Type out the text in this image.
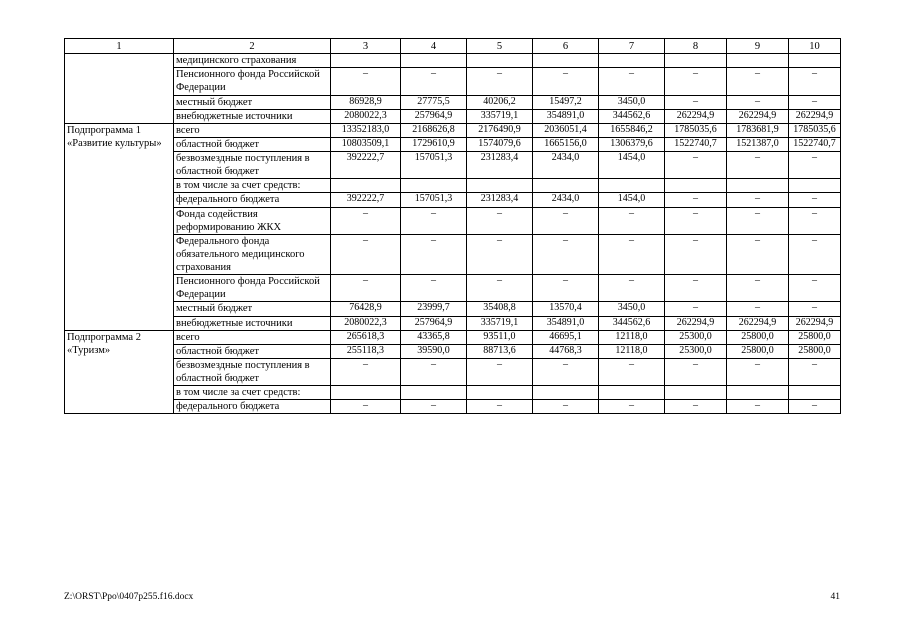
1	2	3	4	5	6	7	8	9	10
	медицинского страхования								
	Пенсионного фонда Российской Федерации	–	–	–	–	–	–	–	–
	местный бюджет	86928,9	27775,5	40206,2	15497,2	3450,0	–	–	–
	внебюджетные источники	2080022,3	257964,9	335719,1	354891,0	344562,6	262294,9	262294,9	262294,9
Подпрограмма 1 «Развитие культуры»	всего	13352183,0	2168626,8	2176490,9	2036051,4	1655846,2	1785035,6	1783681,9	1785035,6
	областной бюджет	10803509,1	1729610,9	1574079,6	1665156,0	1306379,6	1522740,7	1521387,0	1522740,7
	безвозмездные поступления в областной бюджет	392222,7	157051,3	231283,4	2434,0	1454,0	–	–	–
	в том числе за счет средств:								
	федерального бюджета	392222,7	157051,3	231283,4	2434,0	1454,0	–	–	–
	Фонда содействия реформированию ЖКХ	–	–	–	–	–	–	–	–
	Федерального фонда обязательного медицинского страхования	–	–	–	–	–	–	–	–
	Пенсионного фонда Российской Федерации	–	–	–	–	–	–	–	–
	местный бюджет	76428,9	23999,7	35408,8	13570,4	3450,0	–	–	–
	внебюджетные источники	2080022,3	257964,9	335719,1	354891,0	344562,6	262294,9	262294,9	262294,9
Подпрограмма 2 «Туризм»	всего	265618,3	43365,8	93511,0	46695,1	12118,0	25300,0	25800,0	25800,0
	областной бюджет	255118,3	39590,0	88713,6	44768,3	12118,0	25300,0	25800,0	25800,0
	безвозмездные поступления в областной бюджет	–	–	–	–	–	–	–	–
	в том числе за счет средств:								
	федерального бюджета	–	–	–	–	–	–	–	–
Z:\ORST\Ppo\0407p255.f16.docx	41
